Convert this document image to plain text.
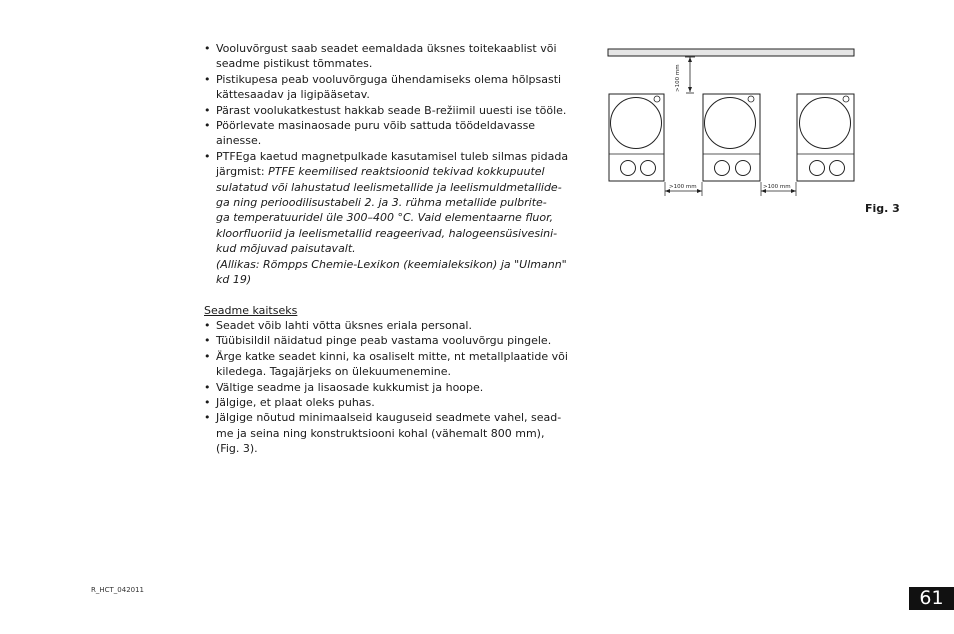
• Vooluvõrgust saab seadet eemaldada üksnes toitekaablist või
seadme pistikust tõmmates.
• Pistikupesa peab vooluvõrguga ühendamiseks olema hõlpsasti
kättesaadav ja ligipääsetav.
• Pärast voolukatkestust hakkab seade B-režiimil uuesti ise tööle.
• Pöörlevate masinaosade puru võib sattuda töödeldavasse
ainesse.
• PTFEga kaetud magnetpulkade kasutamisel tuleb silmas pidada
järgmist: PTFE keemilised reaktsioonid tekivad kokkupuutel
sulatatud või lahustatud leelismetallide ja leelismuldmetallide-
ga ning perioodilisustabeli 2. ja 3. rühma metallide pulbrite-
ga temperatuuridel üle 300–400 °C. Vaid elementaarne fluor,
kloorfluoriid ja leelismetallid reageerivad, halogeensüsivesini-
kud mõjuvad paisutavalt.
(Allikas: Römpps Chemie-Lexikon (keemialeksikon) ja "Ulmann"
kd 19)
Seadme kaitseks
• Seadet võib lahti võtta üksnes eriala personal.
• Tüübisildil näidatud pinge peab vastama vooluvõrgu pingele.
• Ärge katke seadet kinni, ka osaliselt mitte, nt metallplaatide või
kiledega. Tagajärjeks on ülekuumenemine.
• Vältige seadme ja lisaosade kukkumist ja hoope.
• Jälgige, et plaat oleks puhas.
• Jälgige nõutud minimaalseid kauguseid seadmete vahel, sead-
me ja seina ning konstruktsiooni kohal (vähemalt 800 mm),
(Fig. 3).
>100 mm
>100 mm	>100 mm
Fig. 3
R_HCT_042011	61
